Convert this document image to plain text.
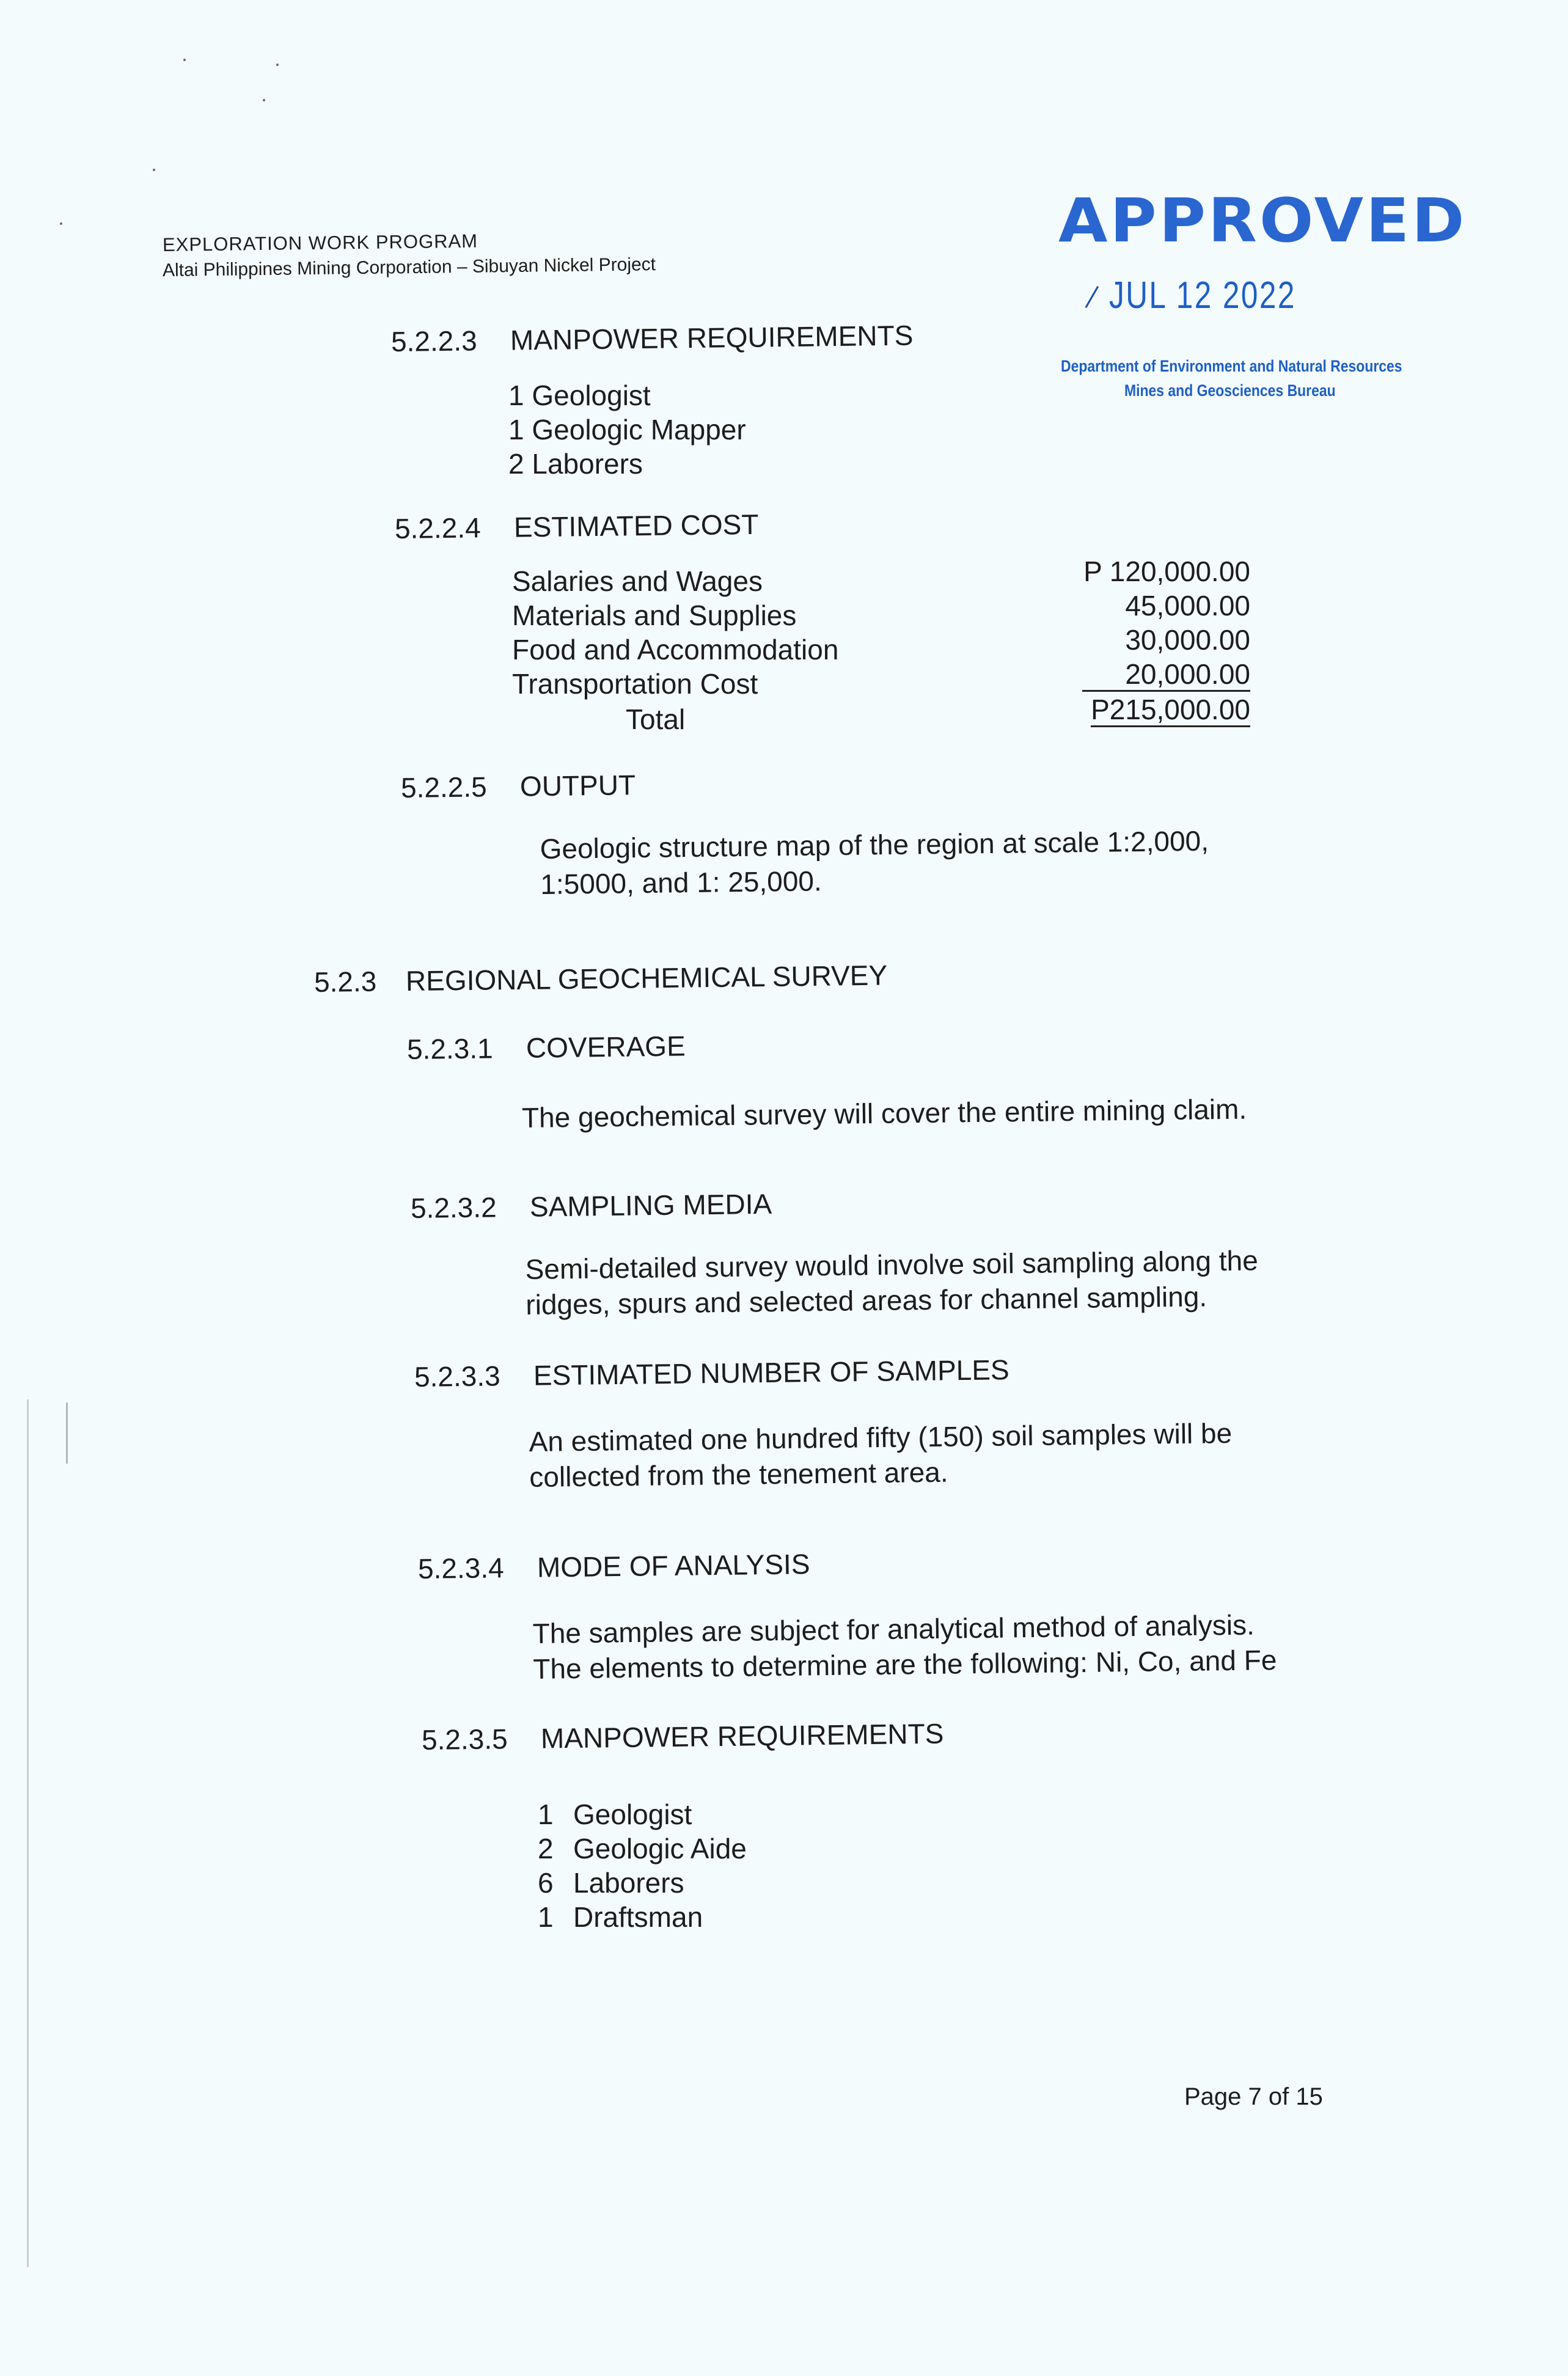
EXPLORATION WORK PROGRAM
Altai Philippines Mining Corporation – Sibuyan Nickel Project
APPROVED
JUL 12 2022
Department of Environment and Natural Resources
Mines and Geosciences Bureau
5.2.2.3 MANPOWER REQUIREMENTS
1 Geologist
1 Geologic Mapper
2 Laborers
5.2.2.4 ESTIMATED COST
Salaries and Wages
Materials and Supplies
Food and Accommodation
Transportation Cost
Total
P 120,000.00
45,000.00
30,000.00
20,000.00
P215,000.00
5.2.2.5 OUTPUT
Geologic structure map of the region at scale 1:2,000,
1:5000, and 1: 25,000.
5.2.3 REGIONAL GEOCHEMICAL SURVEY
5.2.3.1 COVERAGE
The geochemical survey will cover the entire mining claim.
5.2.3.2 SAMPLING MEDIA
Semi-detailed survey would involve soil sampling along the
ridges, spurs and selected areas for channel sampling.
5.2.3.3 ESTIMATED NUMBER OF SAMPLES
An estimated one hundred fifty (150) soil samples will be
collected from the tenement area.
5.2.3.4 MODE OF ANALYSIS
The samples are subject for analytical method of analysis.
The elements to determine are the following: Ni, Co, and Fe
5.2.3.5 MANPOWER REQUIREMENTS
1 Geologist
2 Geologic Aide
6 Laborers
1 Draftsman
Page 7 of 15
